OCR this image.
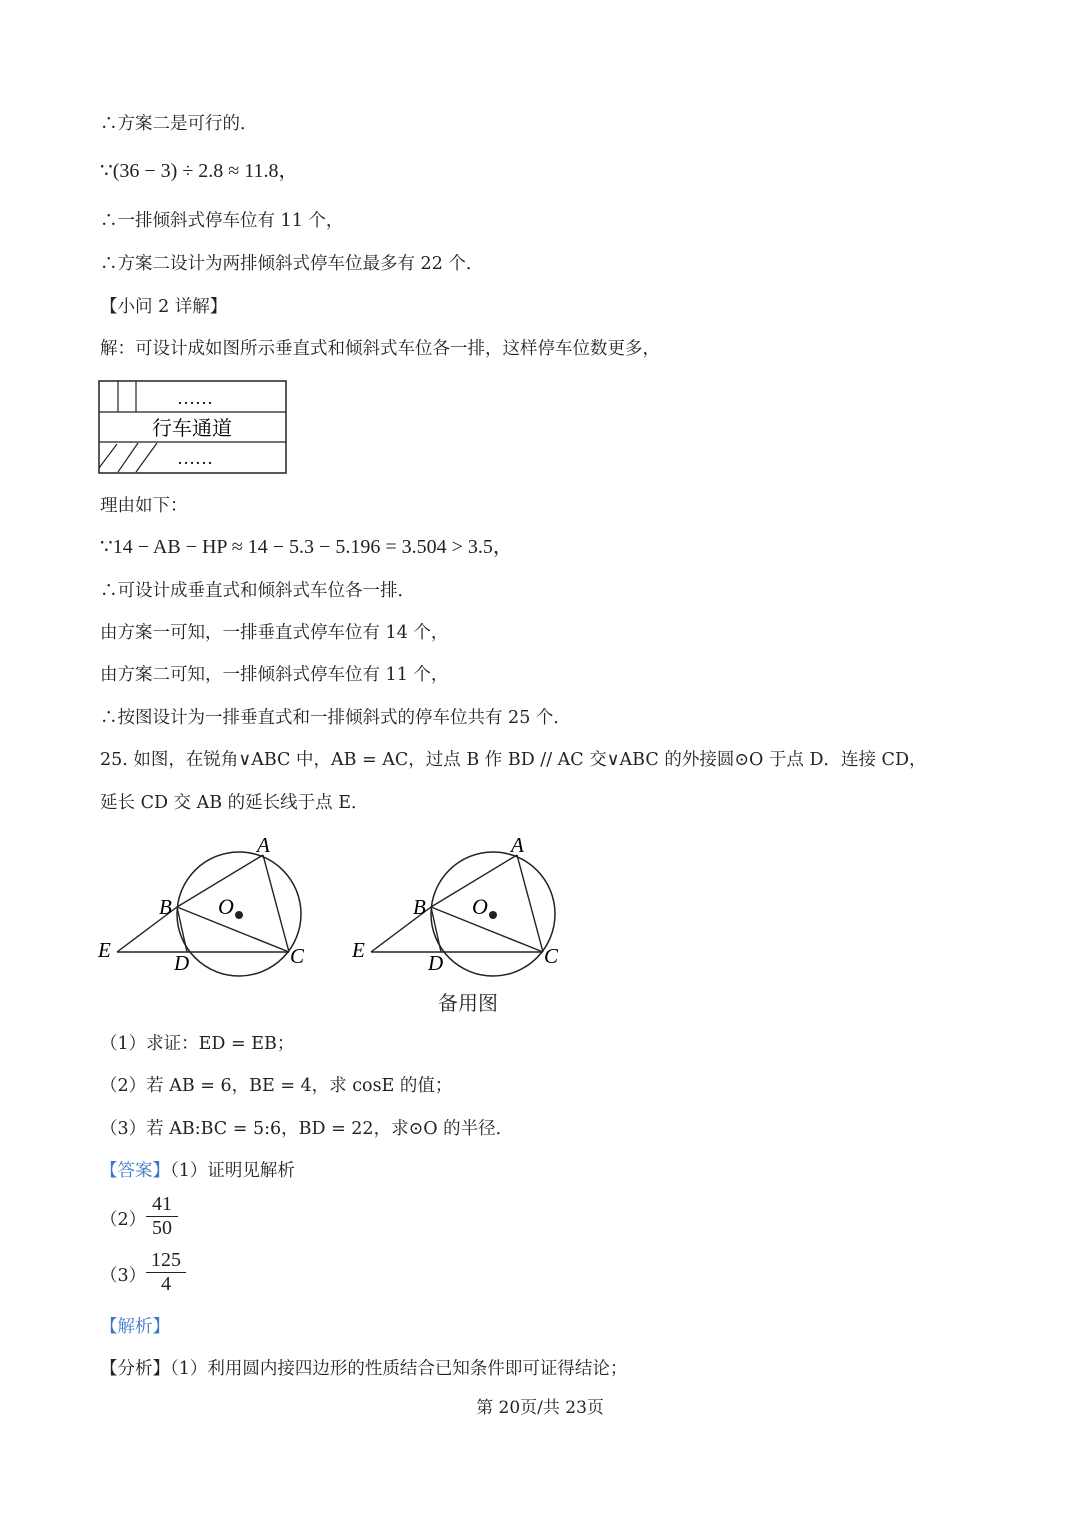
∴方案二是可行的．
∵(36 − 3) ÷ 2.8 ≈ 11.8，
∴一排倾斜式停车位有 11 个，
∴方案二设计为两排倾斜式停车位最多有 22 个．
【小问 2 详解】
解：可设计成如图所示垂直式和倾斜式车位各一排，这样停车位数更多，
……
行车通道
……
理由如下：
∵14 − AB − HP ≈ 14 − 5.3 − 5.196 = 3.504 > 3.5，
∴可设计成垂直式和倾斜式车位各一排．
由方案一可知，一排垂直式停车位有 14 个，
由方案二可知，一排倾斜式停车位有 11 个，
∴按图设计为一排垂直式和一排倾斜式的停车位共有 25 个．
25. 如图，在锐角∨ABC 中，AB = AC，过点 B 作 BD // AC 交∨ABC 的外接圆⊙O 于点 D．连接 CD，
延长 CD 交 AB 的延长线于点 E．
A
B
C
D
E
O
A
B
C
D
E
O
备用图
（1）求证：ED = EB；
（2）若 AB = 6，BE = 4，求 cosE 的值；
（3）若 AB:BC = 5:6，BD = 22，求⊙O 的半径．
【答案】（1）证明见解析
（2）
41
50
（3）
125
4
【解析】
【分析】（1）利用圆内接四边形的性质结合已知条件即可证得结论；
第 20页/共 23页
